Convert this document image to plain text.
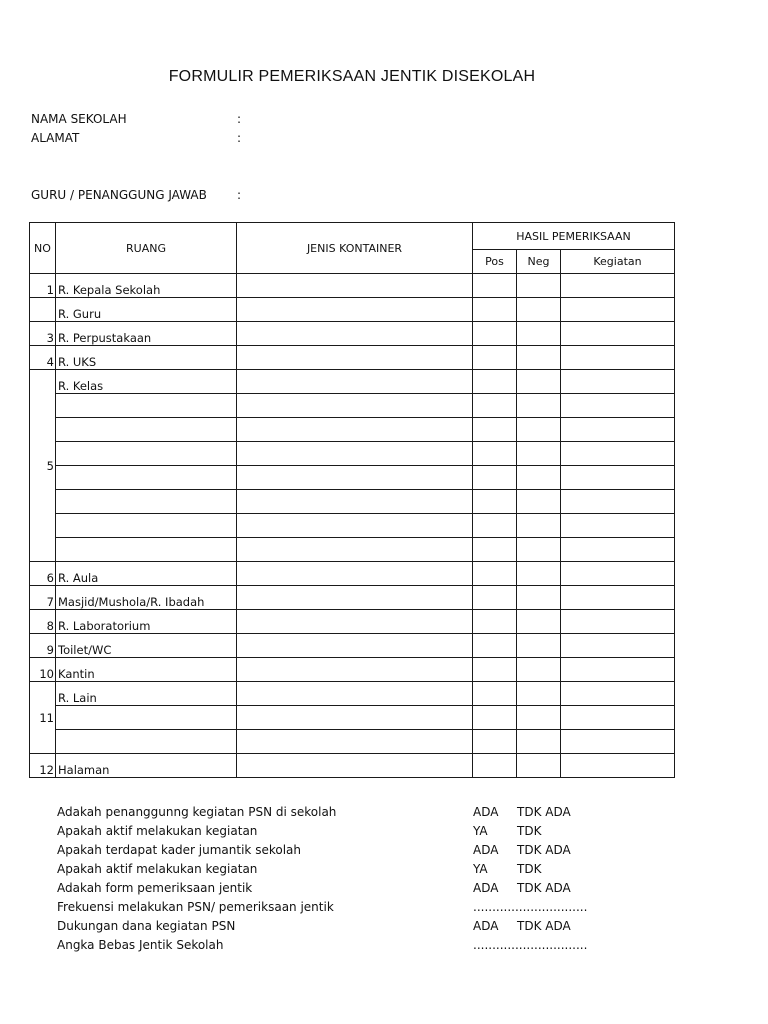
FORMULIR PEMERIKSAAN JENTIK DISEKOLAH
NAMA SEKOLAH	:
ALAMAT	:
GURU / PENANGGUNG JAWAB	:
NO	RUANG	JENIS KONTAINER	HASIL PEMERIKSAAN		
			Pos	Neg	Kegiatan
1	R. Kepala Sekolah				
	R. Guru				
3	R. Perpustakaan				
4	R. UKS				
5	R. Kelas				

6	R. Aula				
7	Masjid/Mushola/R. Ibadah				
8	R. Laboratorium				
9	Toilet/WC				
10	Kantin				
11	R. Lain				

12	Halaman				
Adakah penanggunng kegiatan PSN di sekolah	ADA TDK ADA
Apakah aktif melakukan kegiatan	YA TDK
Apakah terdapat kader jumantik sekolah	ADA TDK ADA
Apakah aktif melakukan kegiatan	YA TDK
Adakah form pemeriksaan jentik	ADA TDK ADA
Frekuensi melakukan PSN/ pemeriksaan jentik	..............................
Dukungan dana kegiatan PSN	ADA TDK ADA
Angka Bebas Jentik Sekolah	..............................
